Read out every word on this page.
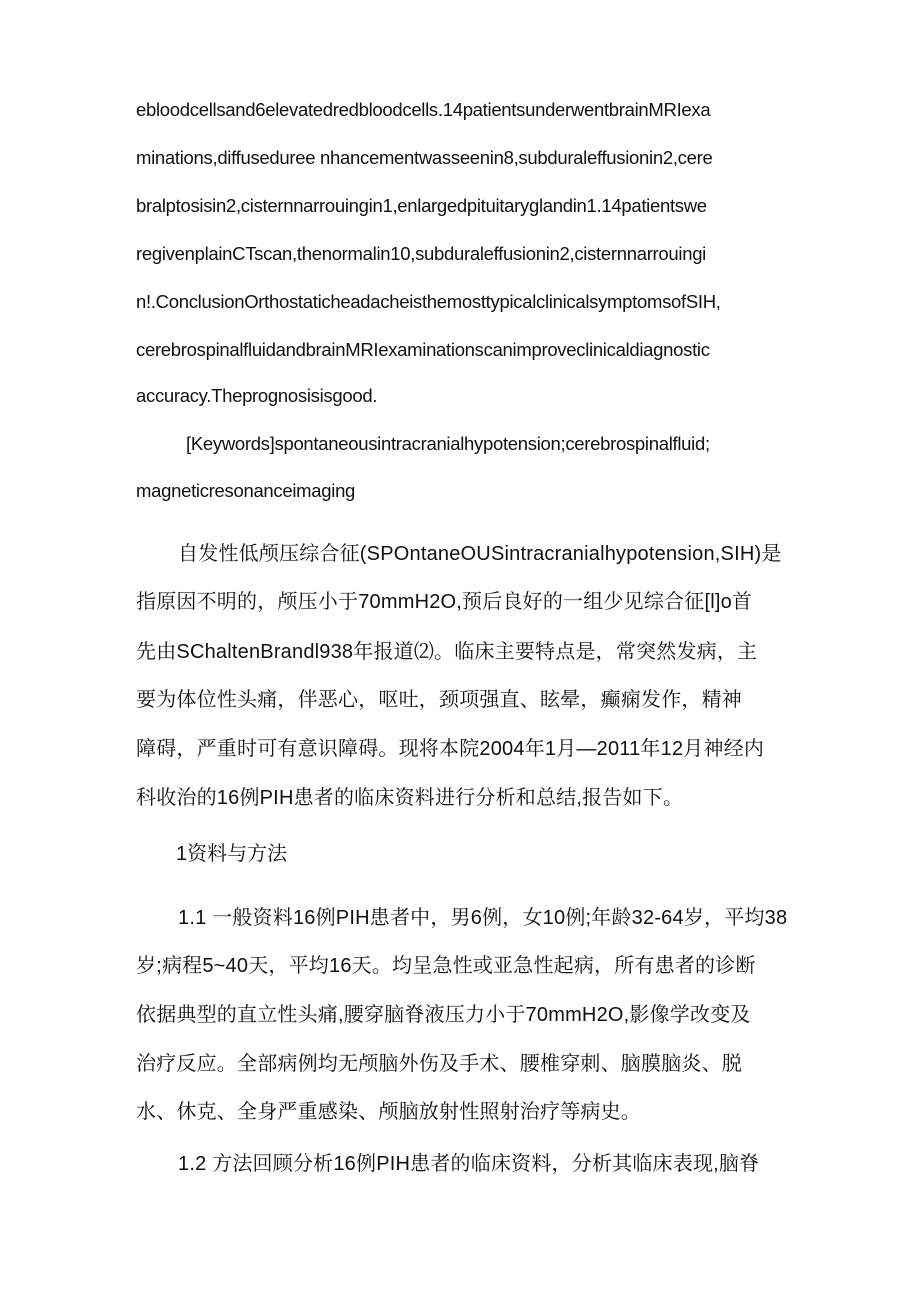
ebloodcellsand6elevatedredbloodcells.14patientsunderwentbrainMRIexa
minations,diffuseduree nhancementwasseenin8,subduraleffusionin2,cere
bralptosisin2,cisternnarrouingin1,enlargedpituitaryglandin1.14patientswe
regivenplainCTscan,thenormalin10,subduraleffusionin2,cisternnarrouingi
n!.ConclusionOrthostaticheadacheisthemosttypicalclinicalsymptomsofSIH,
cerebrospinalfluidandbrainMRIexaminationscanimproveclinicaldiagnostic
accuracy.Theprognosisisgood.
[Keywords]spontaneousintracranialhypotension;cerebrospinalfluid;
magneticresonanceimaging
自发性低颅压综合征(SPOntaneOUSintracranialhypotension,SIH)是
指原因不明的，颅压小于70mmH2O,预后良好的一组少见综合征[l]o首
先由SChaltenBrandl938年报道⑵。临床主要特点是，常突然发病，主
要为体位性头痛，伴恶心，呕吐，颈项强直、眩晕，癫痫发作，精神
障碍，严重时可有意识障碍。现将本院2004年1月—2011年12月神经内
科收治的16例PIH患者的临床资料进行分析和总结,报告如下。
1资料与方法
1.1 一般资料16例PIH患者中，男6例，女10例;年龄32-64岁，平均38
岁;病程5~40天，平均16天。均呈急性或亚急性起病，所有患者的诊断
依据典型的直立性头痛,腰穿脑脊液压力小于70mmH2O,影像学改变及
治疗反应。全部病例均无颅脑外伤及手术、腰椎穿刺、脑膜脑炎、脱
水、休克、全身严重感染、颅脑放射性照射治疗等病史。
1.2 方法回顾分析16例PIH患者的临床资料，分析其临床表现,脑脊
